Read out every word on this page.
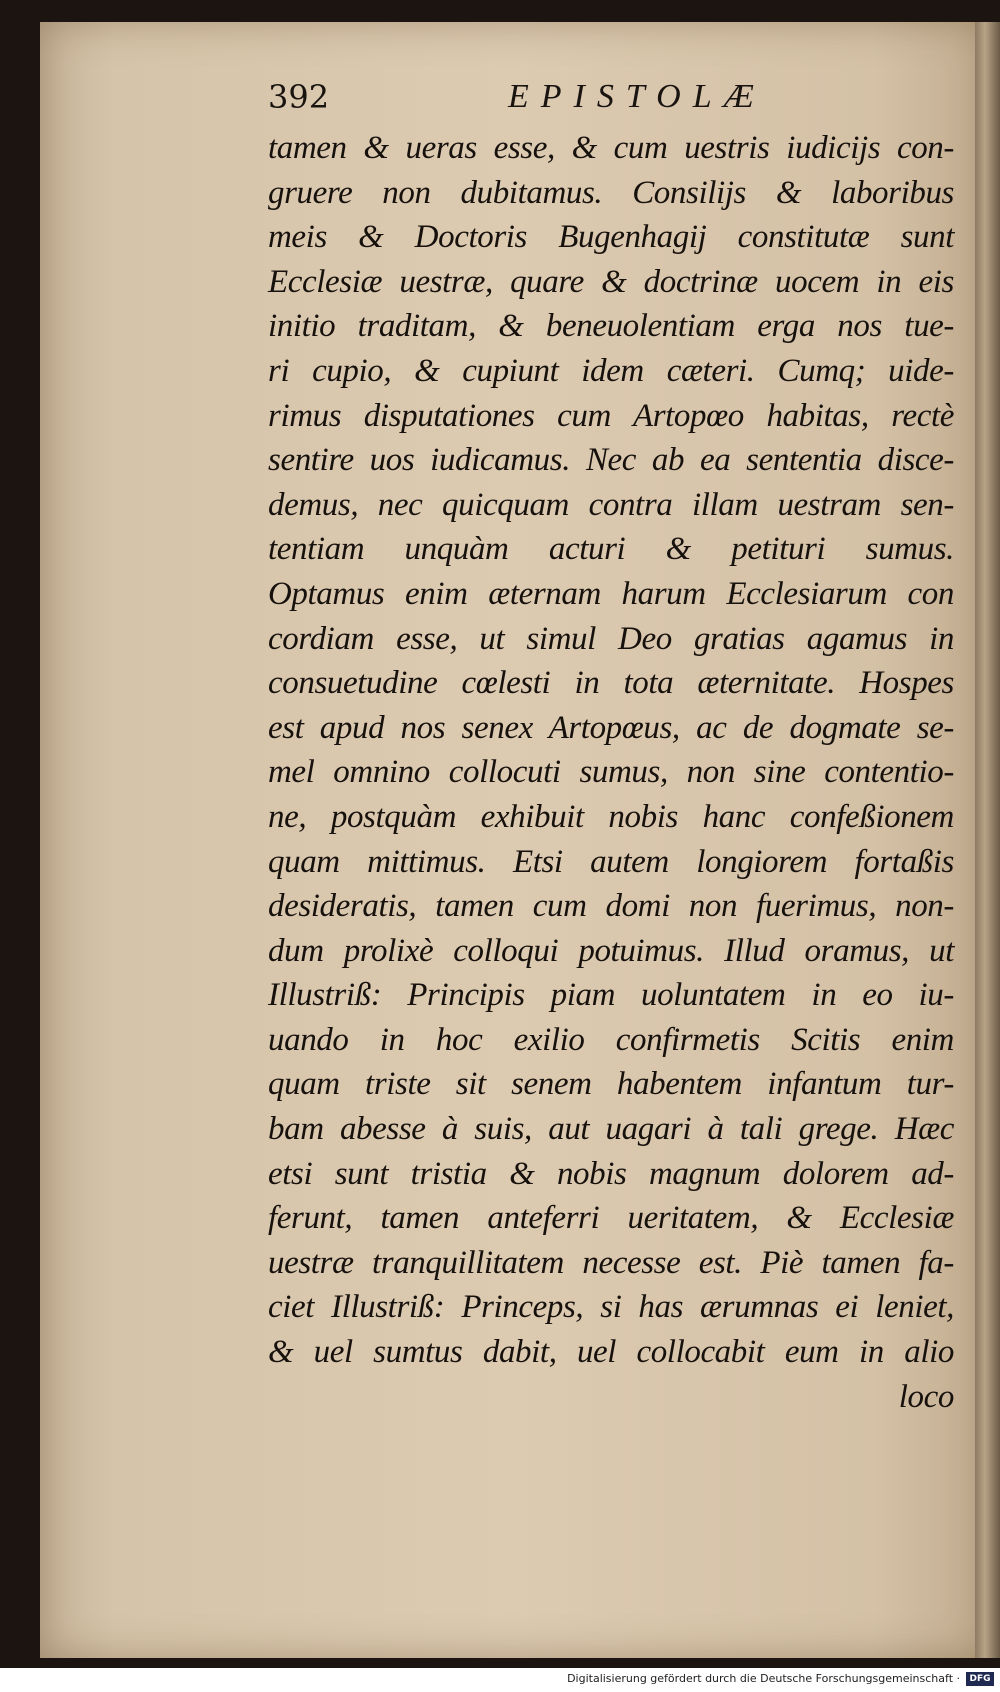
392	EPISTOLÆ
tamen & ueras esse, & cum uestris iudicijs con-
gruere non dubitamus. Consilijs & laboribus
meis & Doctoris Bugenhagij constitutæ sunt
Ecclesiæ uestræ, quare & doctrinæ uocem in eis
initio traditam, & beneuolentiam erga nos tue-
ri cupio, & cupiunt idem cæteri. Cumq; uide-
rimus disputationes cum Artopœo habitas, rectè
sentire uos iudicamus. Nec ab ea sententia disce-
demus, nec quicquam contra illam uestram sen-
tentiam unquàm acturi & petituri sumus.
Optamus enim æternam harum Ecclesiarum con
cordiam esse, ut simul Deo gratias agamus in
consuetudine cœlesti in tota æternitate. Hospes
est apud nos senex Artopœus, ac de dogmate se-
mel omnino collocuti sumus, non sine contentio-
ne, postquàm exhibuit nobis hanc confeßionem
quam mittimus. Etsi autem longiorem fortaßis
desideratis, tamen cum domi non fuerimus, non-
dum prolixè colloqui potuimus. Illud oramus, ut
Illustriß: Principis piam uoluntatem in eo iu-
uando in hoc exilio confirmetis Scitis enim
quam triste sit senem habentem infantum tur-
bam abesse à suis, aut uagari à tali grege. Hæc
etsi sunt tristia & nobis magnum dolorem ad-
ferunt, tamen anteferri ueritatem, & Ecclesiæ
uestræ tranquillitatem necesse est. Piè tamen fa-
ciet Illustriß: Princeps, si has ærumnas ei leniet,
& uel sumtus dabit, uel collocabit eum in alio
loco
Digitalisierung gefördert durch die Deutsche Forschungsgemeinschaft ·	DFG
